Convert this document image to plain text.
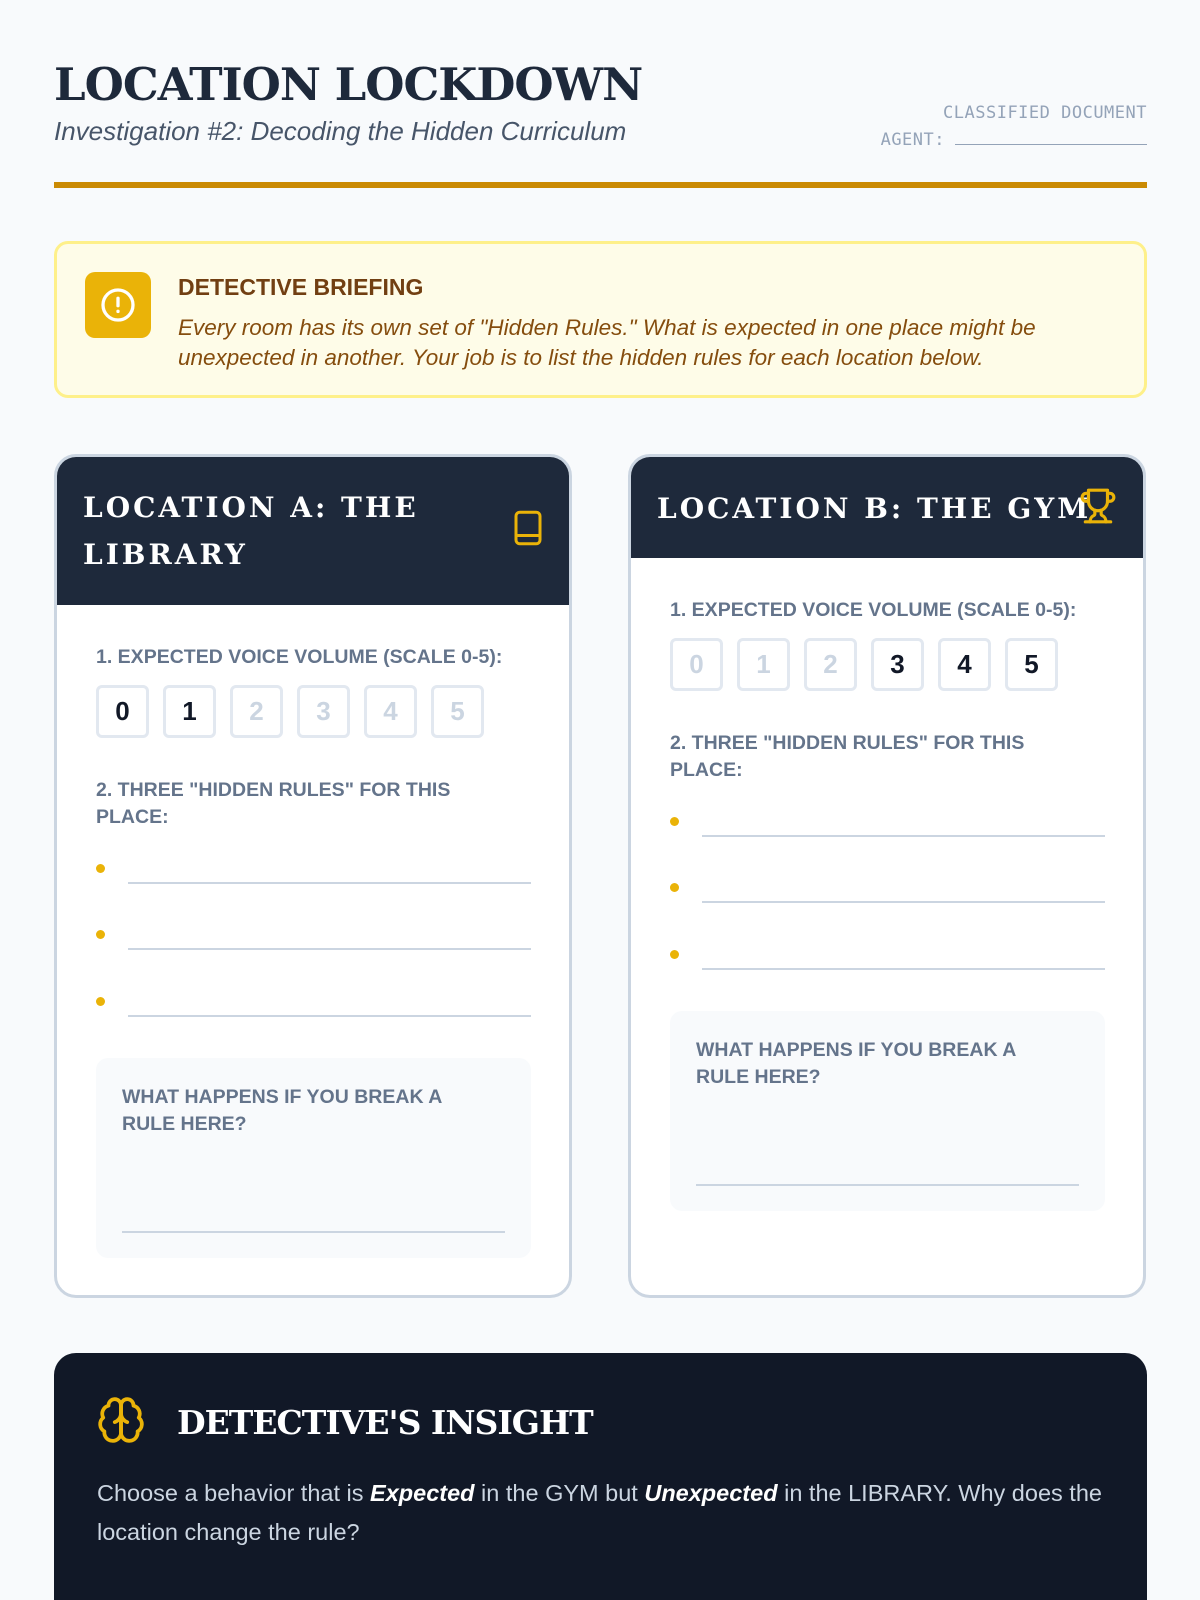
LOCATION LOCKDOWN
Investigation #2: Decoding the Hidden Curriculum
CLASSIFIED DOCUMENT
AGENT:
DETECTIVE BRIEFING
Every room has its own set of "Hidden Rules." What is expected in one place might be unexpected in another. Your job is to list the hidden rules for each location below.
LOCATION A: THE LIBRARY
1. EXPECTED VOICE VOLUME (SCALE 0-5):
0	1	2	3	4	5
2. THREE "HIDDEN RULES" FOR THIS PLACE:
WHAT HAPPENS IF YOU BREAK A RULE HERE?
LOCATION B: THE GYM
1. EXPECTED VOICE VOLUME (SCALE 0-5):
0	1	2	3	4	5
2. THREE "HIDDEN RULES" FOR THIS PLACE:
WHAT HAPPENS IF YOU BREAK A RULE HERE?
DETECTIVE'S INSIGHT
Choose a behavior that is Expected in the GYM but Unexpected in the LIBRARY. Why does the location change the rule?
